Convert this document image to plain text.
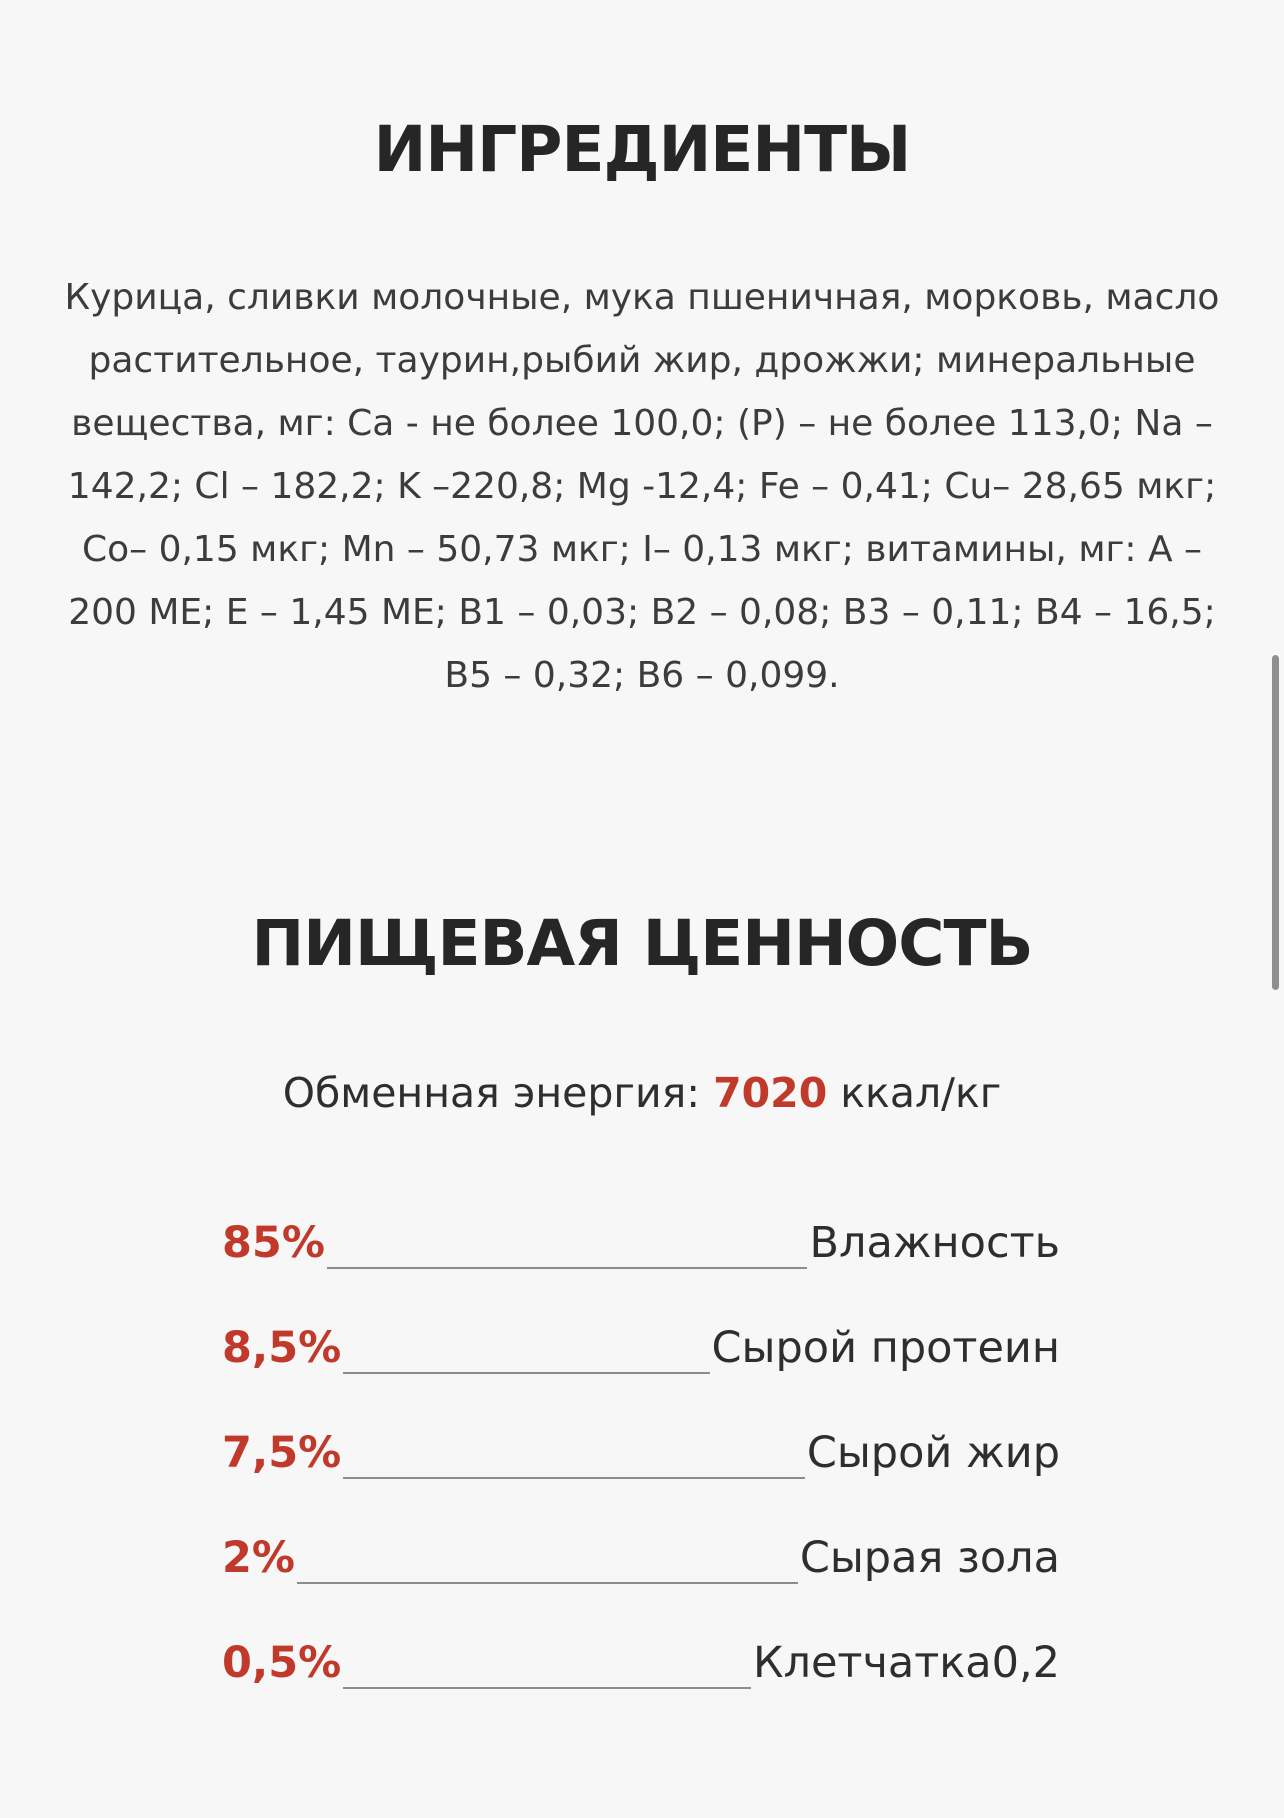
ИНГРЕДИЕНТЫ

Курица, сливки молочные, мука пшеничная, морковь, масло растительное, таурин,рыбий жир, дрожжи; минеральные вещества, мг: Ca - не более 100,0; (P) – не более 113,0; Na – 142,2; Cl – 182,2; K –220,8; Mg -12,4; Fe – 0,41; Cu– 28,65 мкг; Co– 0,15 мкг; Mn – 50,73 мкг; I– 0,13 мкг; витамины, мг: А – 200 МЕ; Е – 1,45 МЕ; В1 – 0,03; В2 – 0,08; В3 – 0,11; В4 – 16,5; В5 – 0,32; В6 – 0,099.

ПИЩЕВАЯ ЦЕННОСТЬ

Обменная энергия: 7020 ккал/кг

85%	Влажность
8,5%	Сырой протеин
7,5%	Сырой жир
2%	Сырая зола
0,5%	Клетчатка0,2
